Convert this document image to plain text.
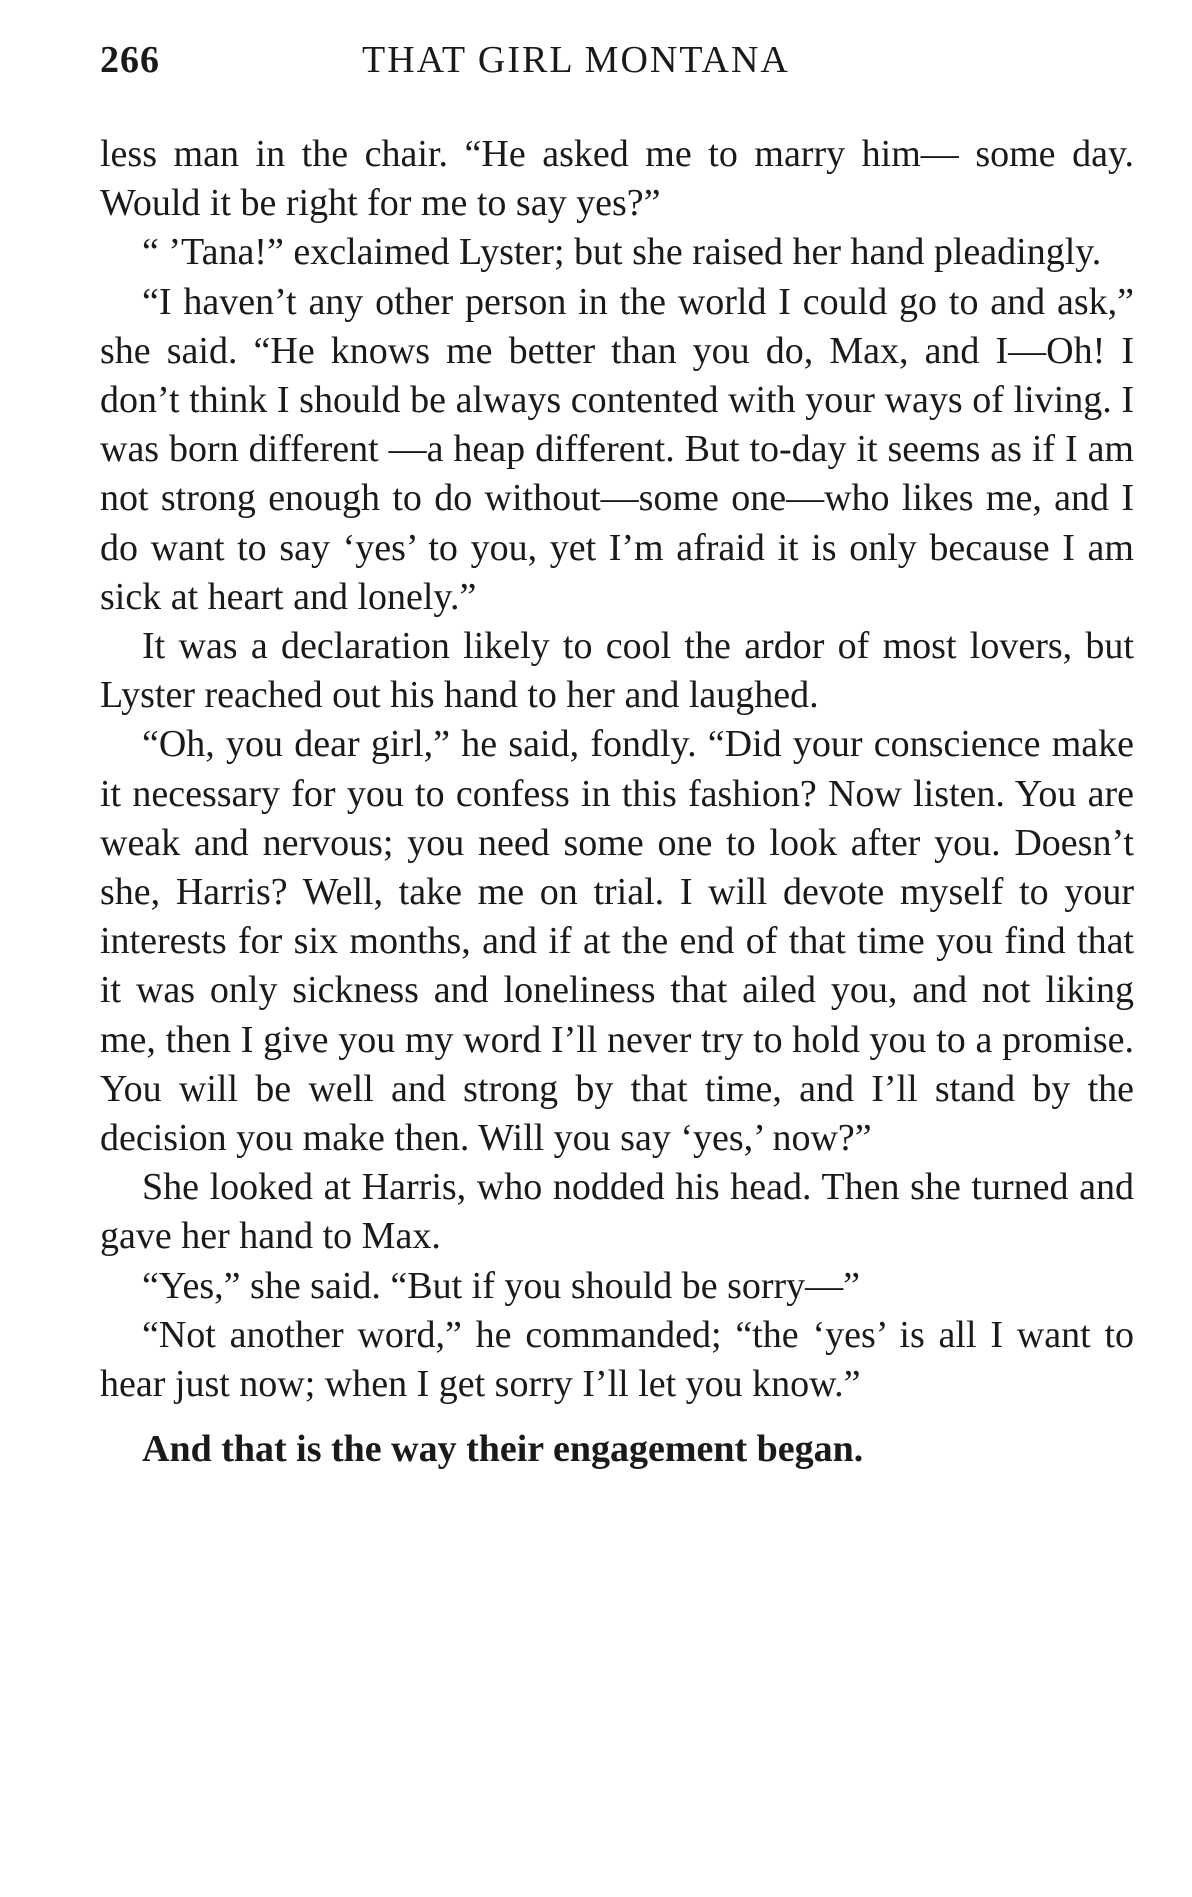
266	THAT GIRL MONTANA

less man in the chair. “He asked me to marry him— some day. Would it be right for me to say yes?”

“ ’Tana!” exclaimed Lyster; but she raised her hand pleadingly.

“I haven’t any other person in the world I could go to and ask,” she said. “He knows me better than you do, Max, and I—Oh! I don’t think I should be always contented with your ways of living. I was born different —a heap different. But to-day it seems as if I am not strong enough to do without—some one—who likes me, and I do want to say ‘yes’ to you, yet I’m afraid it is only because I am sick at heart and lonely.”

It was a declaration likely to cool the ardor of most lovers, but Lyster reached out his hand to her and laughed.

“Oh, you dear girl,” he said, fondly. “Did your conscience make it necessary for you to confess in this fashion? Now listen. You are weak and nervous; you need some one to look after you. Doesn’t she, Harris? Well, take me on trial. I will devote myself to your interests for six months, and if at the end of that time you find that it was only sickness and loneliness that ailed you, and not liking me, then I give you my word I’ll never try to hold you to a promise. You will be well and strong by that time, and I’ll stand by the decision you make then. Will you say ‘yes,’ now?”

She looked at Harris, who nodded his head. Then she turned and gave her hand to Max.

“Yes,” she said. “But if you should be sorry—”

“Not another word,” he commanded; “the ‘yes’ is all I want to hear just now; when I get sorry I’ll let you know.”

And that is the way their engagement began.
